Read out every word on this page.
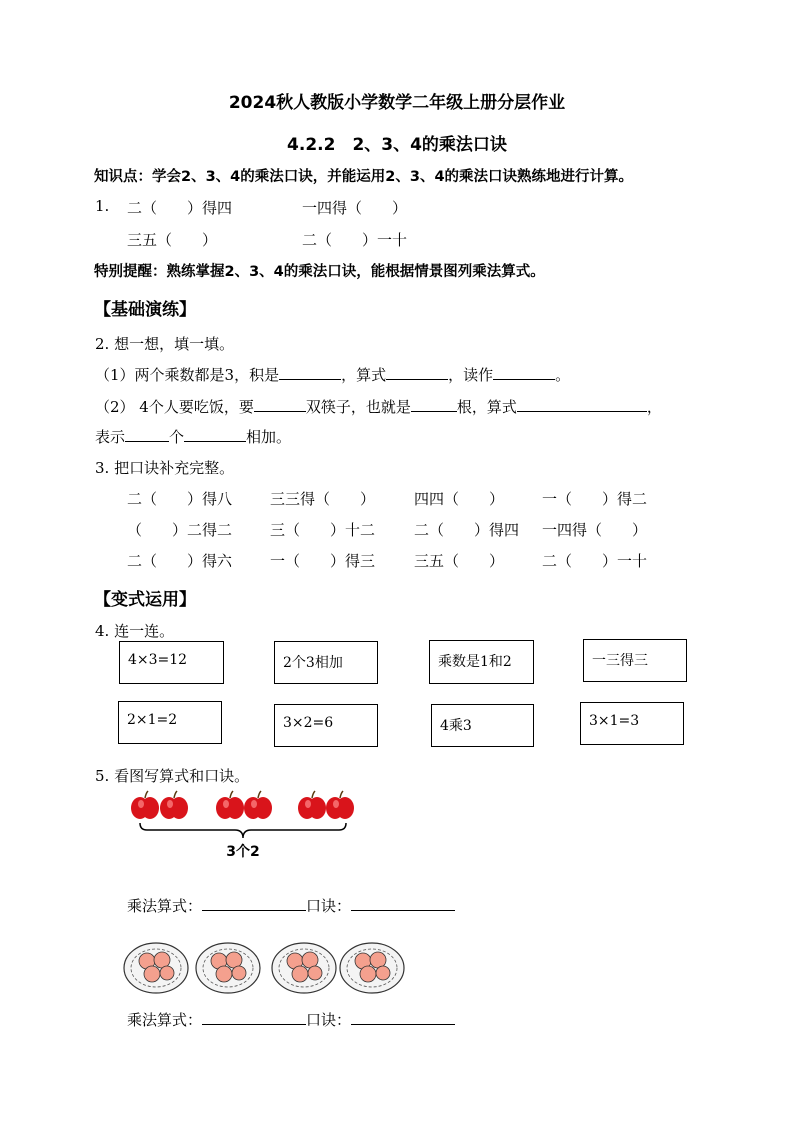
2024秋人教版小学数学二年级上册分层作业
4.2.2　2、3、4的乘法口诀
知识点：学会2、3、4的乘法口诀，并能运用2、3、4的乘法口诀熟练地进行计算。
1. 二（　　）得四	一四得（　　）
三五（　　）	二（　　）一十
特别提醒：熟练掌握2、3、4的乘法口诀，能根据情景图列乘法算式。
【基础演练】
2. 想一想，填一填。
（1）两个乘数都是3，积是	，算式	，读作	。
（2） 4个人要吃饭，要	双筷子，也就是	根，算式	，
表示	个	相加。
3. 把口诀补充完整。
二（　　）得八	三三得（　　）	四四（　　）	一（　　）得二
（　　）二得二	三（　　）十二	二（　　）得四 一四得（　　）
二（　　）得六	一（　　）得三	三五（　　）	二（　　）一十
【变式运用】
4. 连一连。
4×3=12	2个3相加	乘数是1和2	一三得三
2×1=2	3×2=6	4乘3	3×1=3
5. 看图写算式和口诀。
3个2
乘法算式：	口诀：
乘法算式：	口诀：
